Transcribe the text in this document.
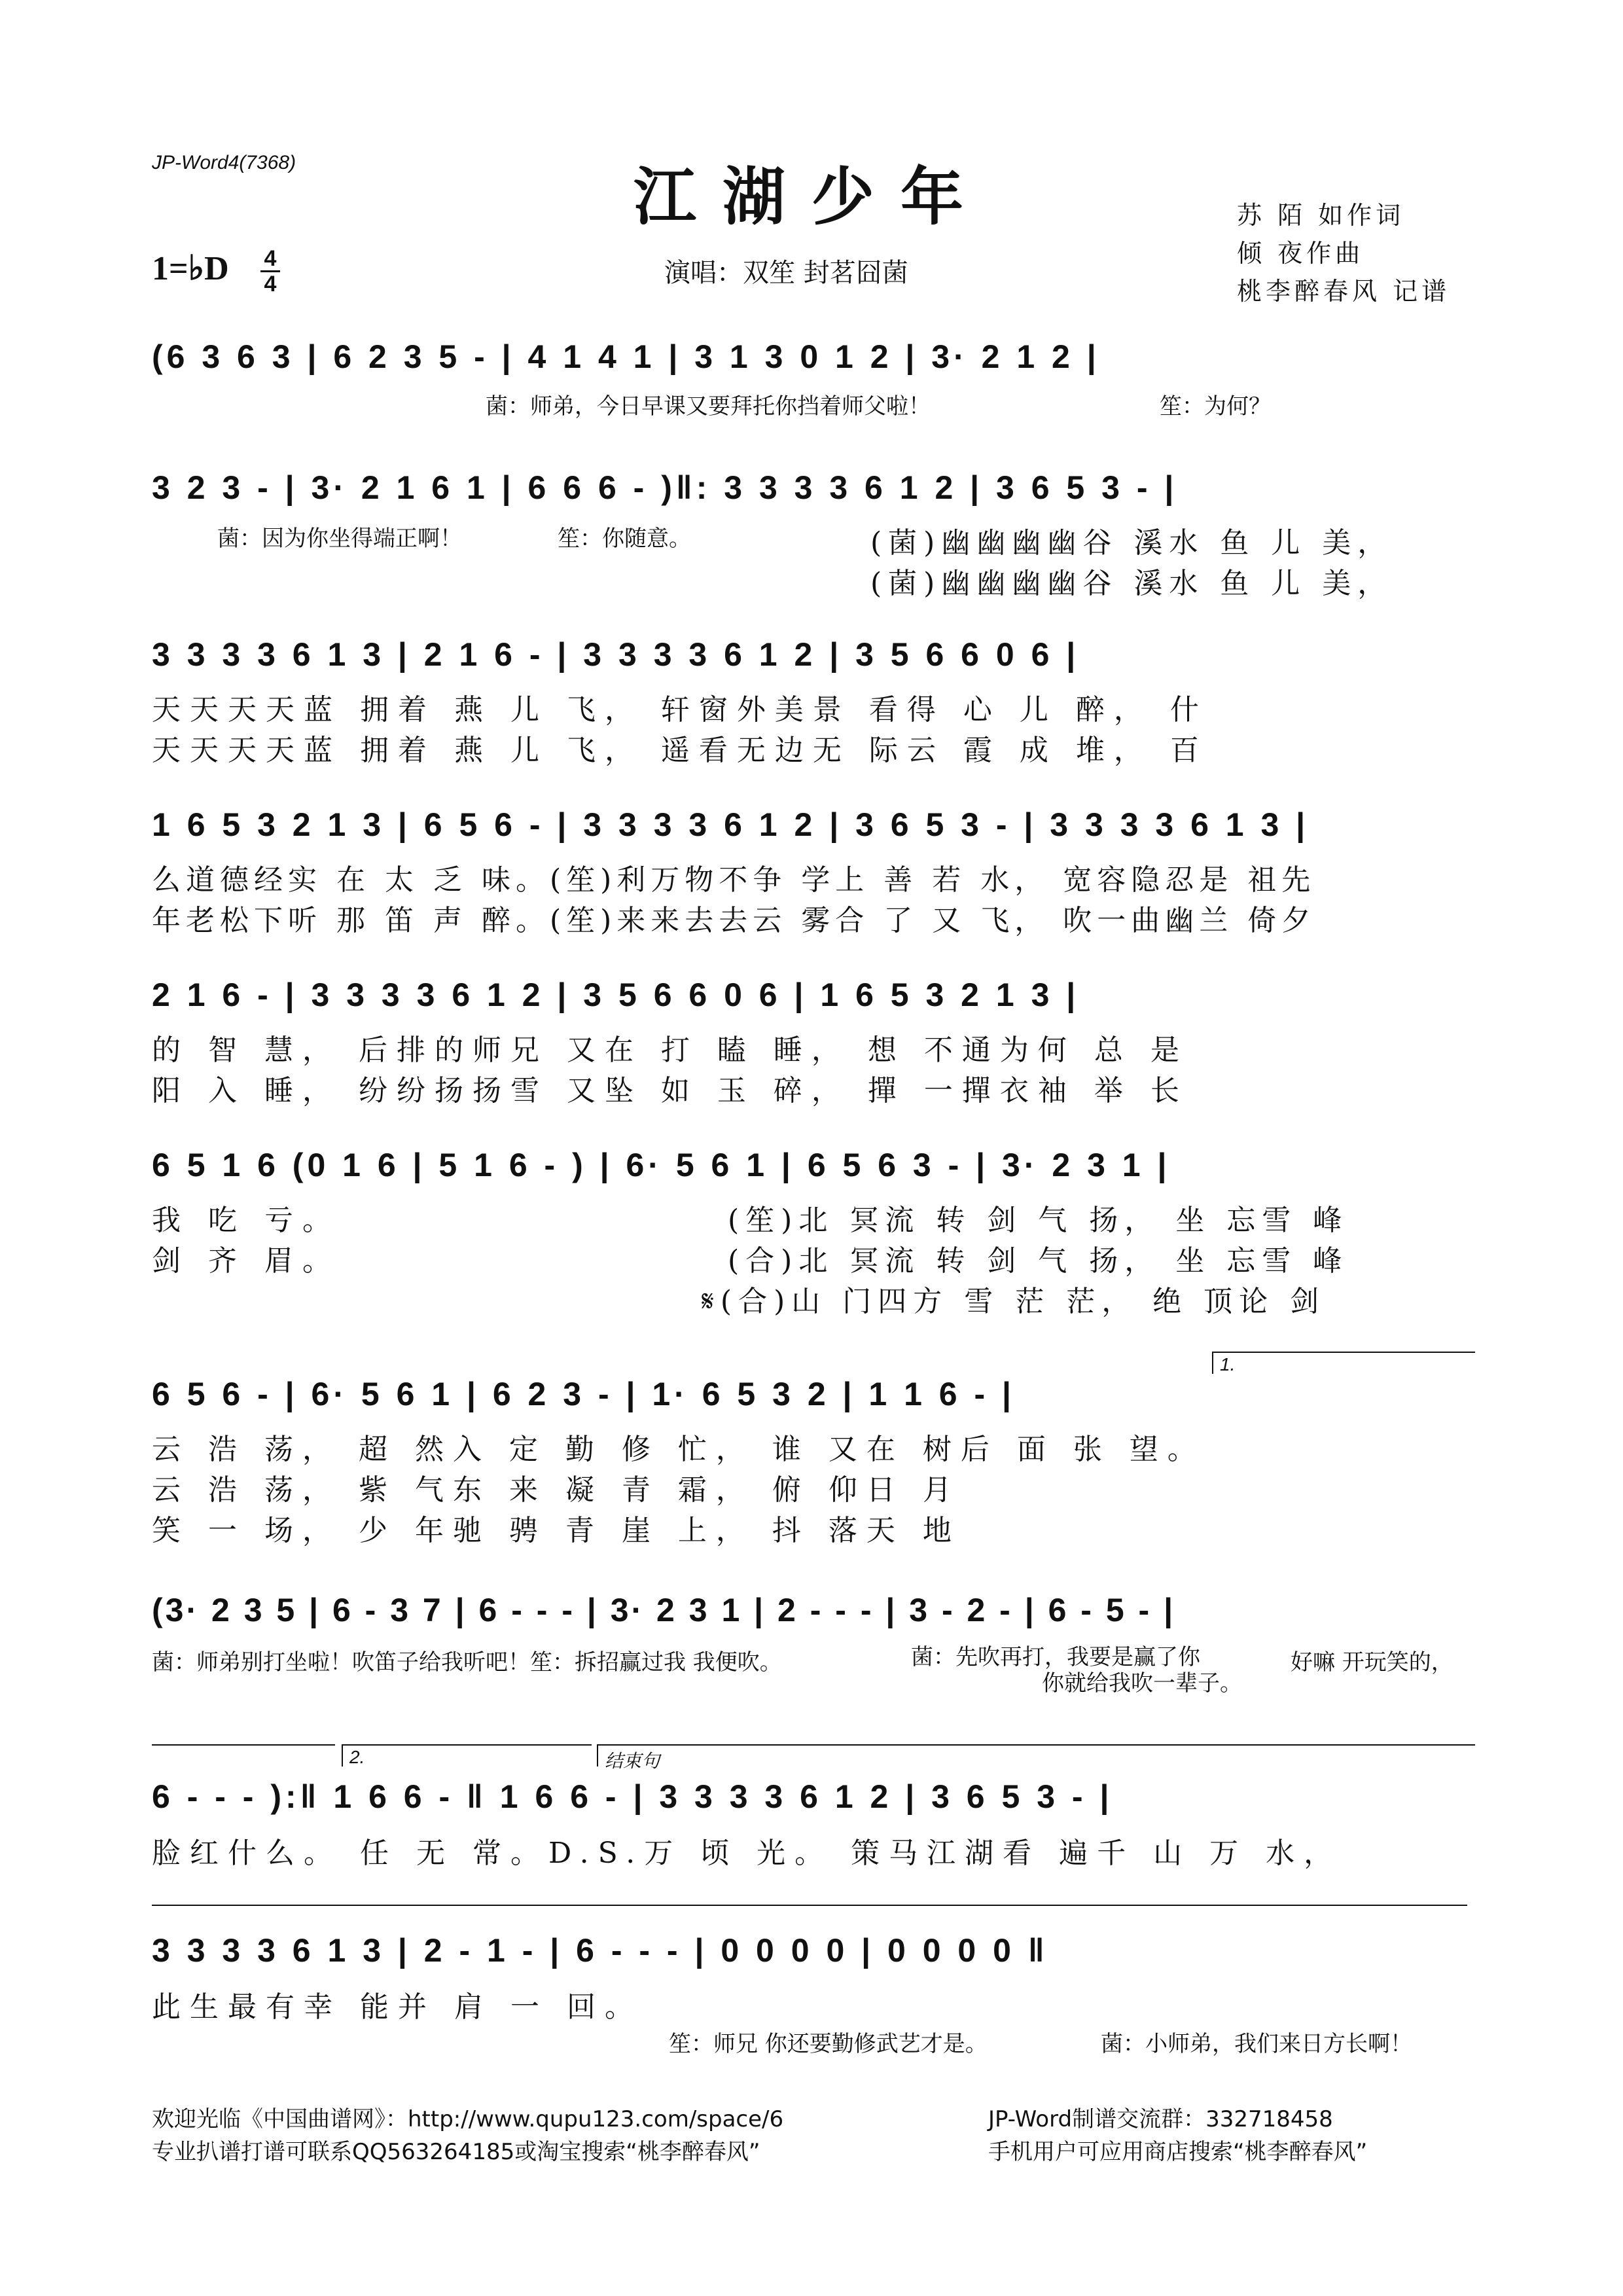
JP-Word4(7368)	江湖少年
1=♭D 4
4	演唱：双笙 封茗囧菌
苏 陌 如作词
倾 夜作曲
桃李醉春风 记谱
(6 3 6 3 | 6 2 3 5 - | 4 1 4 1 | 3 1 3 0 1 2 | 3· 2 1 2 |
菌：师弟，今日早课又要拜托你挡着师父啦！	笙：为何？
3 2 3 - | 3· 2 1 6 1 | 6 6 6 - )‖: 3 3 3 3 6 1 2 | 3 6 5 3 - |
菌：因为你坐得端正啊！	笙：你随意。	(菌)幽幽幽幽谷 溪水 鱼 儿 美，
(菌)幽幽幽幽谷 溪水 鱼 儿 美，
3 3 3 3 6 1 3 | 2 1 6 - | 3 3 3 3 6 1 2 | 3 5 6 6 0 6 |
天天天天蓝 拥着 燕 儿 飞， 轩窗外美景 看得 心 儿 醉， 什
天天天天蓝 拥着 燕 儿 飞， 遥看无边无 际云 霞 成 堆， 百
1 6 5 3 2 1 3 | 6 5 6 - | 3 3 3 3 6 1 2 | 3 6 5 3 - | 3 3 3 3 6 1 3 |
么道德经实 在 太 乏 味。(笙)利万物不争 学上 善 若 水， 宽容隐忍是 祖先
年老松下听 那 笛 声 醉。(笙)来来去去云 雾合 了 又 飞， 吹一曲幽兰 倚夕
2 1 6 - | 3 3 3 3 6 1 2 | 3 5 6 6 0 6 | 1 6 5 3 2 1 3 |
的 智 慧， 后排的师兄 又在 打 瞌 睡， 想 不通为何 总 是
阳 入 睡， 纷纷扬扬雪 又坠 如 玉 碎， 撣 一撣衣袖 举 长
6 5 1 6 (0 1 6 | 5 1 6 - ) | 6· 5 6 1 | 6 5 6 3 - | 3· 2 3 1 |
我 吃 亏。
剑 齐 眉。
(笙)北 冥流 转 剑 气 扬， 坐 忘雪 峰
(合)北 冥流 转 剑 气 扬， 坐 忘雪 峰
𝄋(合)山 门四方 雪 茫 茫， 绝 顶论 剑
1.
6 5 6 - | 6· 5 6 1 | 6 2 3 - | 1· 6 5 3 2 | 1 1 6 - |
云 浩 荡， 超 然入 定 勤 修 忙， 谁 又在 树后 面 张 望。
云 浩 荡， 紫 气东 来 凝 青 霜， 俯 仰日 月
笑 一 场， 少 年驰 骋 青 崖 上， 抖 落天 地
(3· 2 3 5 | 6 - 3 7 | 6 - - - | 3· 2 3 1 | 2 - - - | 3 - 2 - | 6 - 5 - |
菌：师弟别打坐啦！吹笛子给我听吧！笙：拆招赢过我 我便吹。	菌：先吹再打，我要是赢了你
你就给我吹一辈子。
好嘛 开玩笑的，
2.	结束句
6 - - - ):‖ 1 6 6 - ‖ 1 6 6 - | 3 3 3 3 6 1 2 | 3 6 5 3 - |
脸红什么。 任 无 常。D.S.万 顷 光。 策马江湖看 遍千 山 万 水，
3 3 3 3 6 1 3 | 2 - 1 - | 6 - - - | 0 0 0 0 | 0 0 0 0 ‖
此生最有幸 能并 肩 一 回。
笙：师兄 你还要勤修武艺才是。	菌：小师弟，我们来日方长啊！
欢迎光临《中国曲谱网》：http://www.qupu123.com/space/6
专业扒谱打谱可联系QQ563264185或淘宝搜索“桃李醉春风”
JP-Word制谱交流群：332718458
手机用户可应用商店搜索“桃李醉春风”
